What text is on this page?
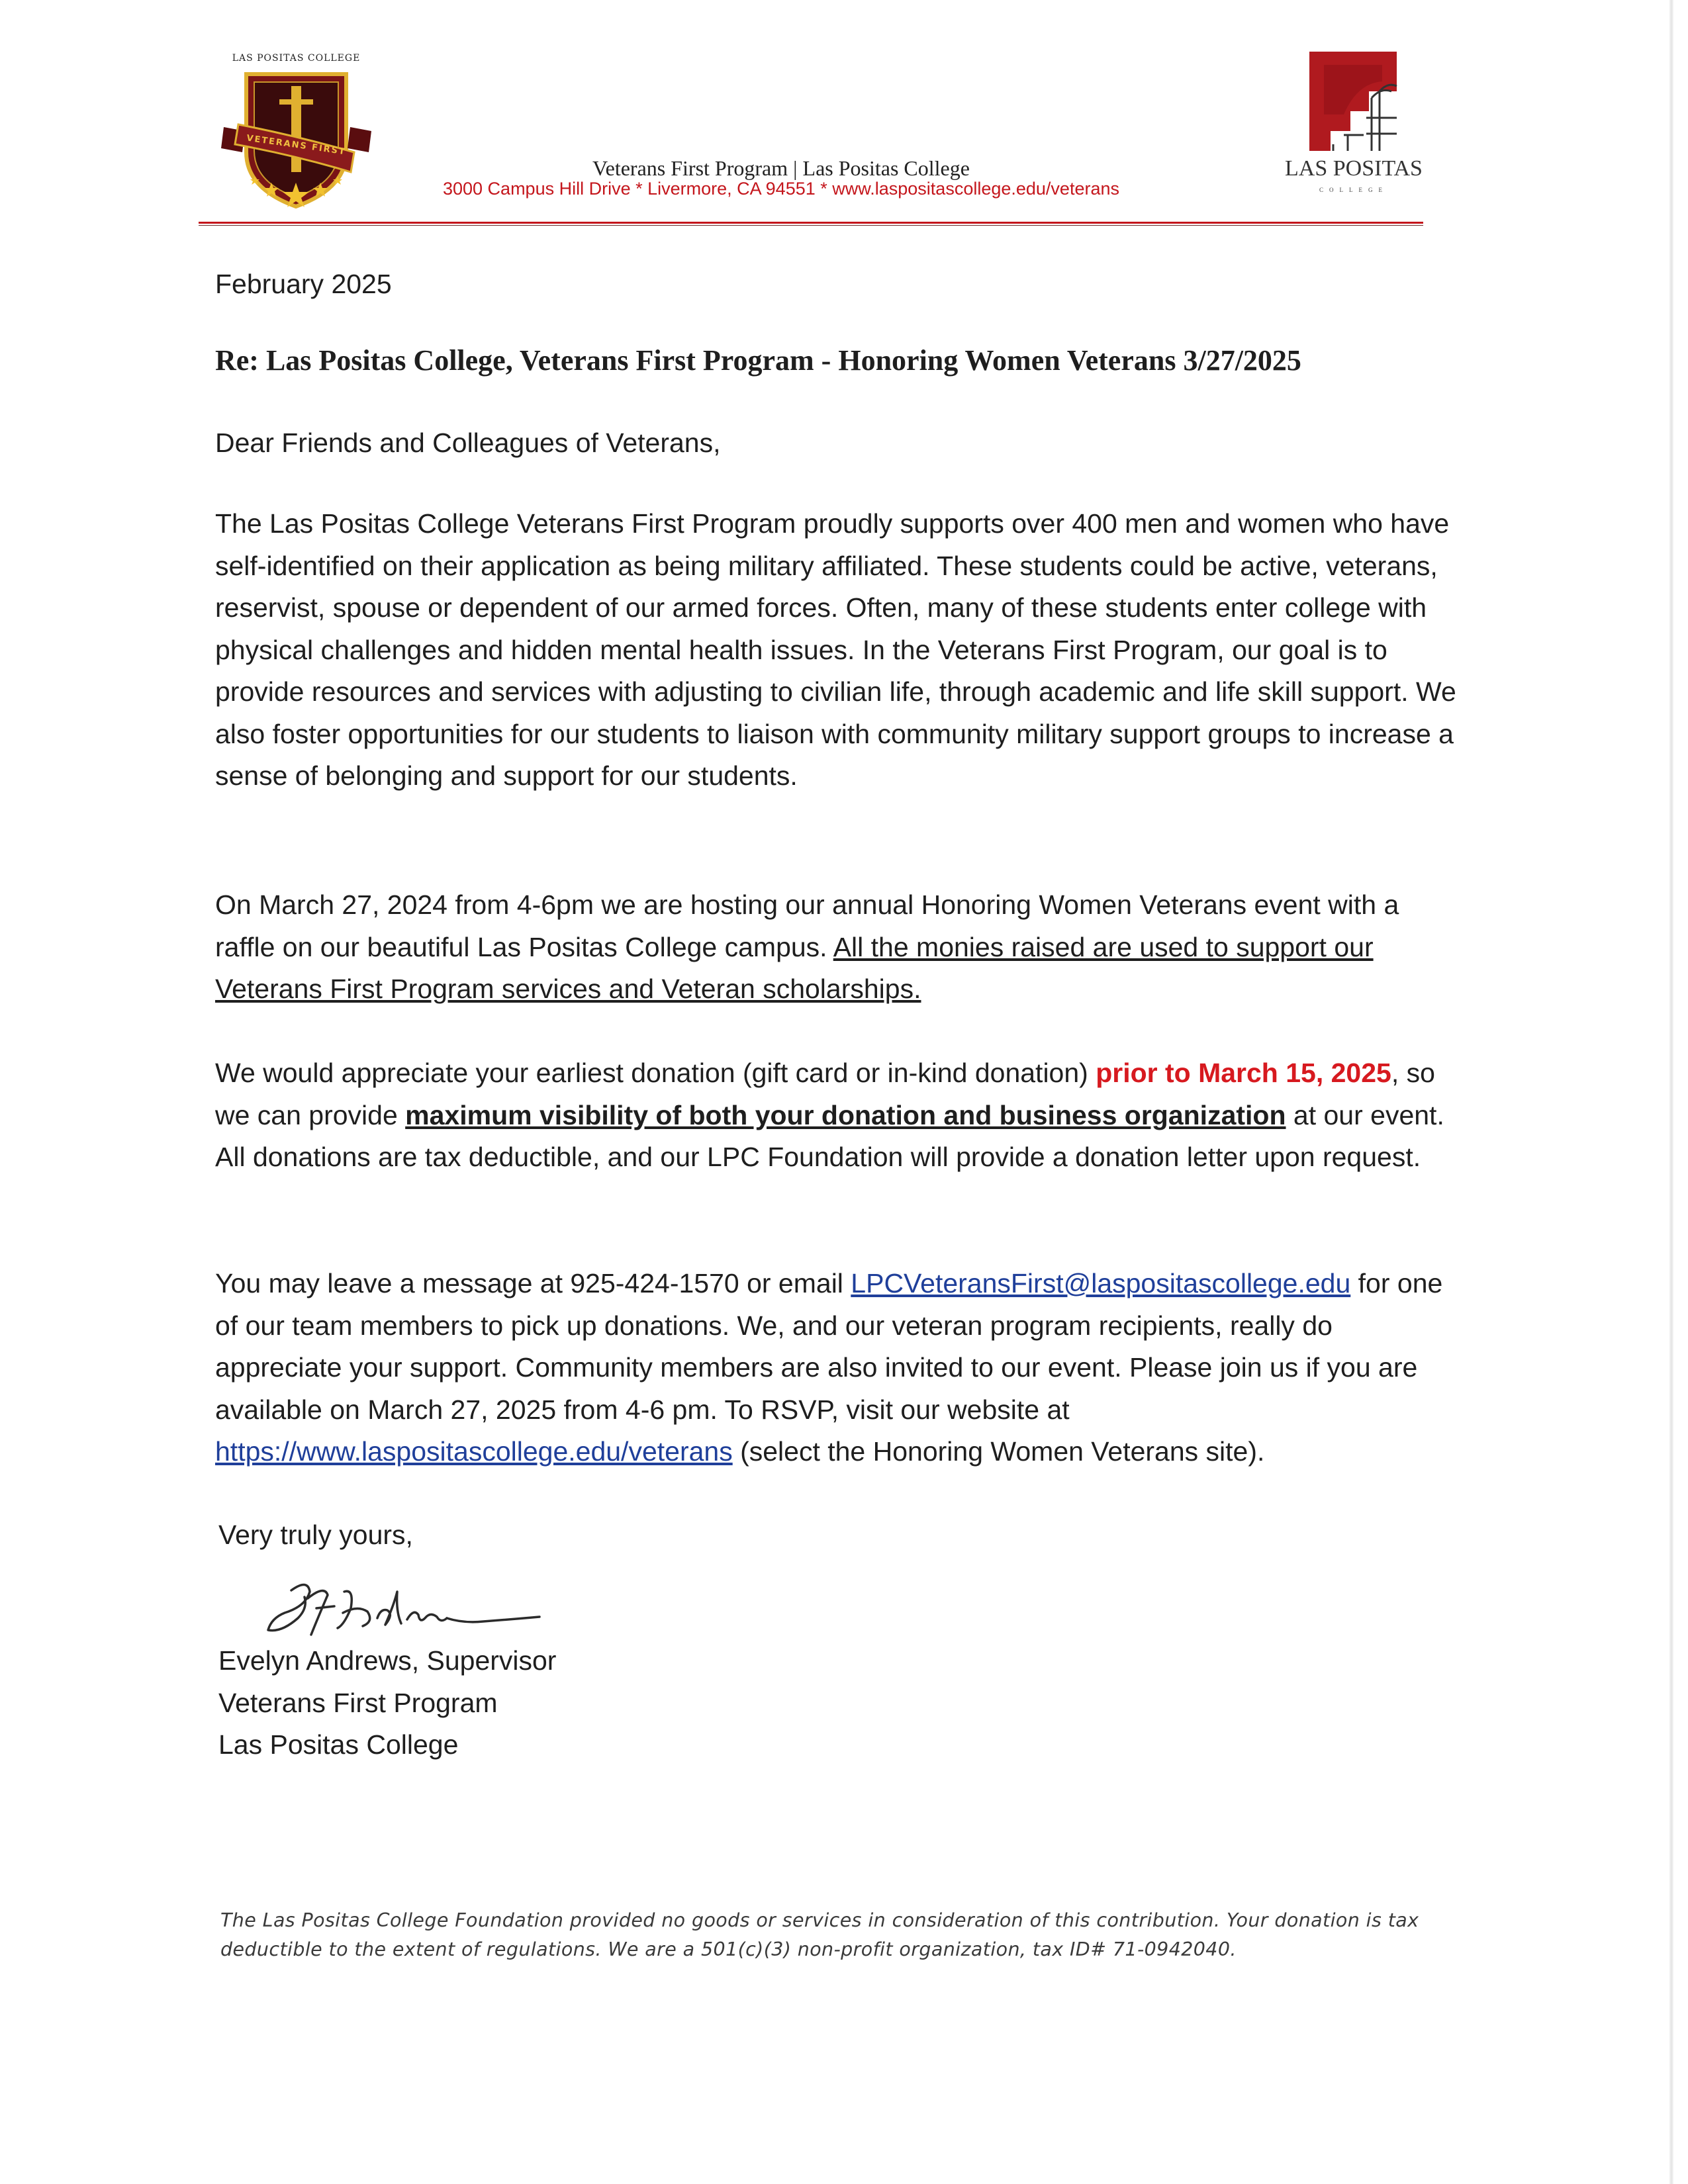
LAS POSITAS COLLEGE
VETERANS FIRST
Veterans First Program | Las Positas College
3000 Campus Hill Drive * Livermore, CA 94551 * www.laspositascollege.edu/veterans
LAS POSITAS
COLLEGE
February 2025
Re: Las Positas College, Veterans First Program - Honoring Women Veterans 3/27/2025
Dear Friends and Colleagues of Veterans,

The Las Positas College Veterans First Program proudly supports over 400 men and women who have self-identified on their application as being military affiliated. These students could be active, veterans, reservist, spouse or dependent of our armed forces. Often, many of these students enter college with physical challenges and hidden mental health issues. In the Veterans First Program, our goal is to provide resources and services with adjusting to civilian life, through academic and life skill support. We also foster opportunities for our students to liaison with community military support groups to increase a sense of belonging and support for our students.

On March 27, 2024 from 4-6pm we are hosting our annual Honoring Women Veterans event with a raffle on our beautiful Las Positas College campus. All the monies raised are used to support our Veterans First Program services and Veteran scholarships.

We would appreciate your earliest donation (gift card or in-kind donation) prior to March 15, 2025, so we can provide maximum visibility of both your donation and business organization at our event. All donations are tax deductible, and our LPC Foundation will provide a donation letter upon request.

You may leave a message at 925-424-1570 or email LPCVeteransFirst@laspositascollege.edu for one of our team members to pick up donations. We, and our veteran program recipients, really do appreciate your support. Community members are also invited to our event. Please join us if you are available on March 27, 2025 from 4-6 pm. To RSVP, visit our website at https://www.laspositascollege.edu/veterans (select the Honoring Women Veterans site).

Very truly yours,
Evelyn Andrews, Supervisor
Veterans First Program
Las Positas College
The Las Positas College Foundation provided no goods or services in consideration of this contribution. Your donation is tax deductible to the extent of regulations. We are a 501(c)(3) non-profit organization, tax ID# 71-0942040.
